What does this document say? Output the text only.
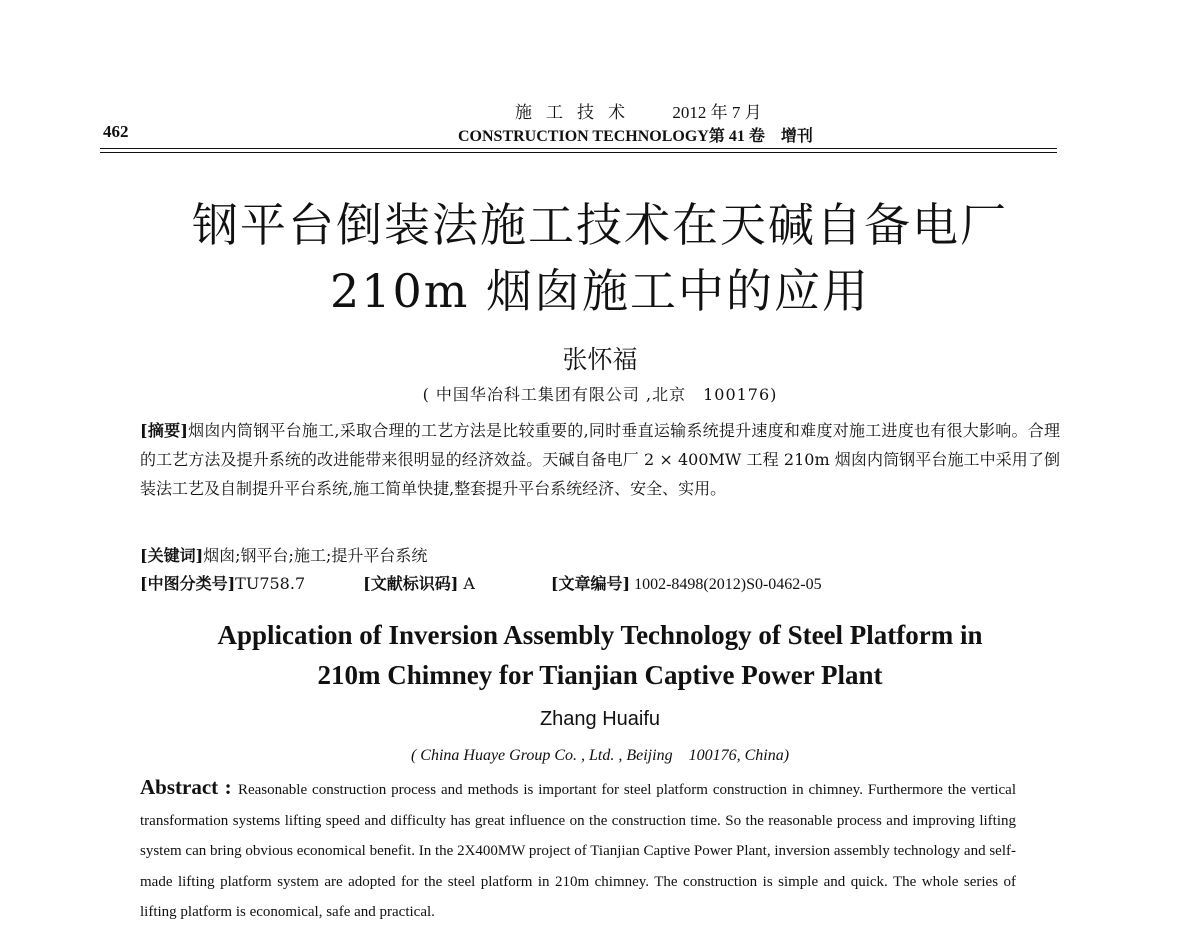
施工技术 2012 年 7 月
462	CONSTRUCTION TECHNOLOGY第 41 卷　增刊
钢平台倒装法施工技术在天碱自备电厂
210m 烟囱施工中的应用
张怀福
( 中国华冶科工集团有限公司 ,北京　100176)
[摘要]烟囱内筒钢平台施工,采取合理的工艺方法是比较重要的,同时垂直运输系统提升速度和难度对施工进度也有很大影响。合理的工艺方法及提升系统的改进能带来很明显的经济效益。天碱自备电厂 2 × 400MW 工程 210m 烟囱内筒钢平台施工中采用了倒装法工艺及自制提升平台系统,施工简单快捷,整套提升平台系统经济、安全、实用。
[关键词]烟囱;钢平台;施工;提升平台系统
[中图分类号]TU758.7	[文献标识码] A	[文章编号] 1002-8498(2012)S0-0462-05
Application of Inversion Assembly Technology of Steel Platform in
210m Chimney for Tianjian Captive Power Plant
Zhang Huaifu
( China Huaye Group Co. , Ltd. , Beijing　100176, China)
Abstract : Reasonable construction process and methods is important for steel platform construction in chimney. Furthermore the vertical transformation systems lifting speed and difficulty has great influence on the construction time. So the reasonable process and improving lifting system can bring obvious economical benefit. In the 2X400MW project of Tianjian Captive Power Plant, inversion assembly technology and self-made lifting platform system are adopted for the steel platform in 210m chimney. The construction is simple and quick. The whole series of lifting platform is economical, safe and practical.
